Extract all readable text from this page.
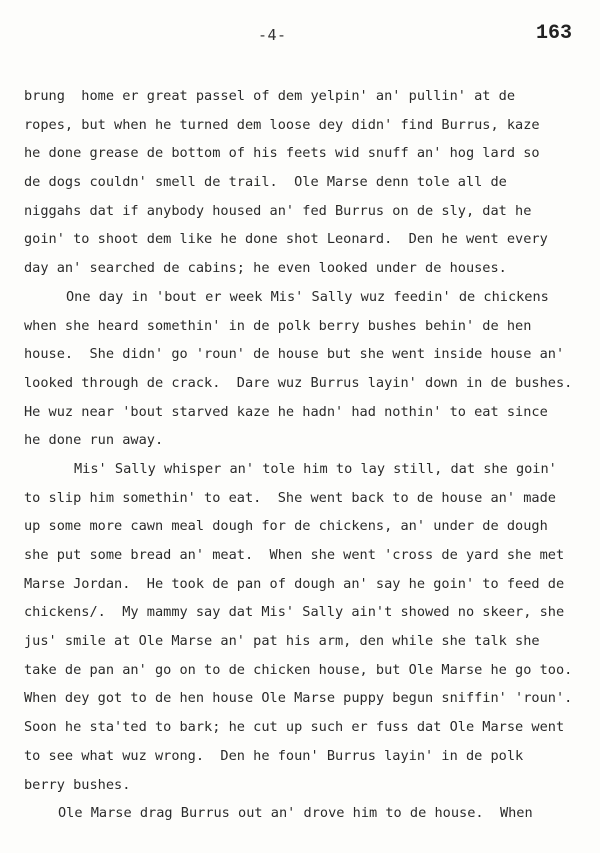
-4-	163
brung  home er great passel of dem yelpin' an' pullin' at de
ropes, but when he turned dem loose dey didn' find Burrus, kaze
he done grease de bottom of his feets wid snuff an' hog lard so
de dogs couldn' smell de trail.  Ole Marse denn tole all de
niggahs dat if anybody housed an' fed Burrus on de sly, dat he
goin' to shoot dem like he done shot Leonard.  Den he went every
day an' searched de cabins; he even looked under de houses.
One day in 'bout er week Mis' Sally wuz feedin' de chickens
when she heard somethin' in de polk berry bushes behin' de hen
house.  She didn' go 'roun' de house but she went inside house an'
looked through de crack.  Dare wuz Burrus layin' down in de bushes.
He wuz near 'bout starved kaze he hadn' had nothin' to eat since
he done run away.
Mis' Sally whisper an' tole him to lay still, dat she goin'
to slip him somethin' to eat.  She went back to de house an' made
up some more cawn meal dough for de chickens, an' under de dough
she put some bread an' meat.  When she went 'cross de yard she met
Marse Jordan.  He took de pan of dough an' say he goin' to feed de
chickens/.  My mammy say dat Mis' Sally ain't showed no skeer, she
jus' smile at Ole Marse an' pat his arm, den while she talk she
take de pan an' go on to de chicken house, but Ole Marse he go too.
When dey got to de hen house Ole Marse puppy begun sniffin' 'roun'.
Soon he sta'ted to bark; he cut up such er fuss dat Ole Marse went
to see what wuz wrong.  Den he foun' Burrus layin' in de polk
berry bushes.
Ole Marse drag Burrus out an' drove him to de house.  When
